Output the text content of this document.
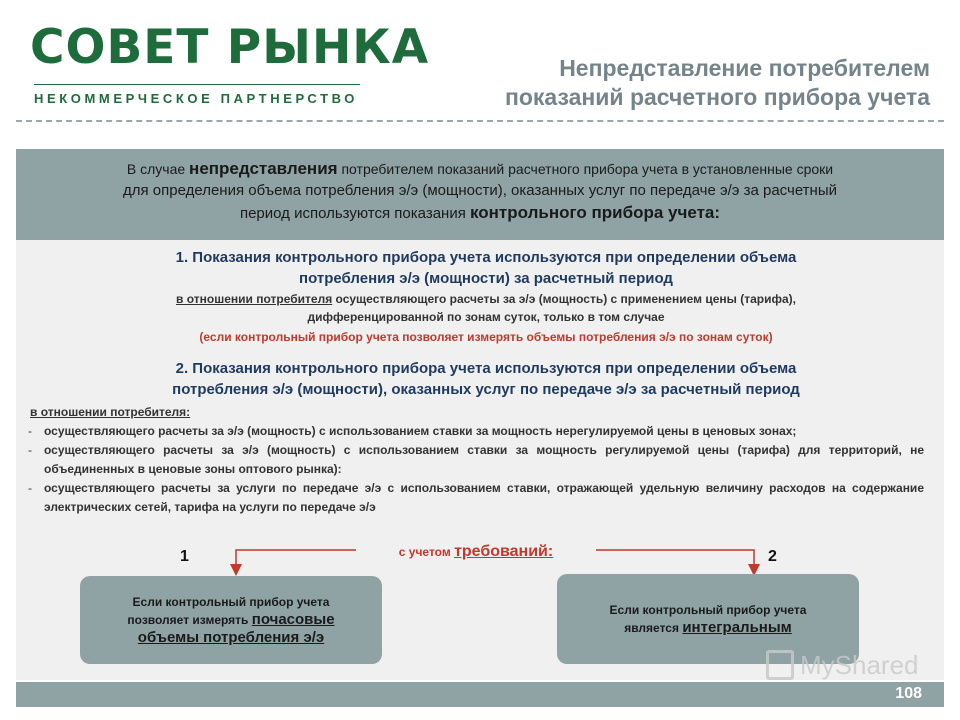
СОВЕТ РЫНКА
НЕКОММЕРЧЕСКОЕ ПАРТНЕРСТВО
Непредставление потребителем
показаний расчетного прибора учета
В случае непредставления потребителем показаний расчетного прибора учета в установленные сроки
для определения объема потребления э/э (мощности), оказанных услуг по передаче э/э за расчетный
период используются показания контрольного прибора учета:
1. Показания контрольного прибора учета используются при определении объема
потребления э/э (мощности) за расчетный период
в отношении потребителя осуществляющего расчеты за э/э (мощность) с применением цены (тарифа),
дифференцированной по зонам суток, только в том случае
(если контрольный прибор учета позволяет измерять объемы потребления э/э по зонам суток)
2. Показания контрольного прибора учета используются при определении объема
потребления э/э (мощности), оказанных услуг по передаче э/э за расчетный период
в отношении потребителя:
- осуществляющего расчеты за э/э (мощность) с использованием ставки за мощность нерегулируемой цены в ценовых зонах;
- осуществляющего расчеты за э/э (мощность) с использованием ставки за мощность регулируемой цены (тарифа) для территорий, не объединенных в ценовые зоны оптового рынка):
- осуществляющего расчеты за услуги по передаче э/э с использованием ставки, отражающей удельную величину расходов на содержание электрических сетей, тарифа на услуги по передаче э/э
1	2
с учетом требований:
Если контрольный прибор учета
позволяет измерять почасовые
объемы потребления э/э
Если контрольный прибор учета
является интегральным
MyShared
108
